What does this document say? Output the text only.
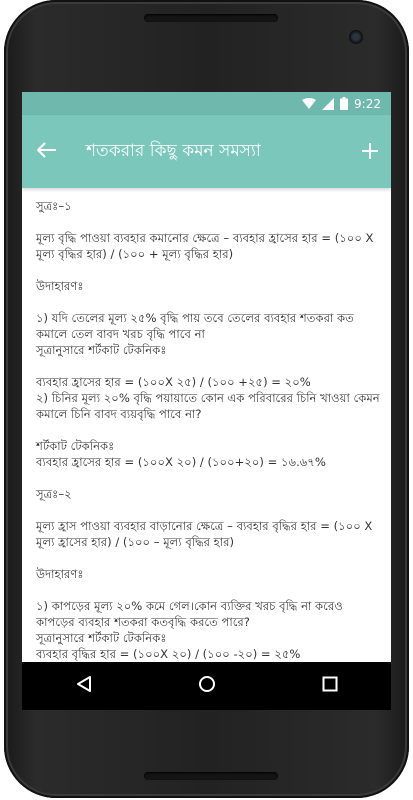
9:22
শতকরার কিছু কমন সমস্যা

সুত্রঃ–১

মূল্য বৃদ্ধি পাওয়া ব্যবহার কমানোর ক্ষেত্রে – ব্যবহার হ্রাসের হার = (১০০ X মূল্য বৃদ্ধির হার) / (১০০ + মূল্য বৃদ্ধির হার)

উদাহারণঃ

১) যদি তেলের মূল্য ২৫% বৃদ্ধি পায় তবে তেলের ব্যবহার শতকরা কত কমালে তেল বাবদ খরচ বৃদ্ধি পাবে না
সূত্রানুসারে শর্টকাট টেকনিকঃ

ব্যবহার হ্রাসের হার = (১০০X ২৫) / (১০০ +২৫) = ২০%
২) চিনির মূল্য ২০% বৃদ্ধি পয়ায়াতে কোন এক পরিবারের চিনি খাওয়া কেমন কমালে চিনি বাবদ ব্যয়বৃদ্ধি পাবে না?

শর্টকাট টেকনিকঃ
ব্যবহার হ্রাসের হার = (১০০X ২০) / (১০০+২০) = ১৬.৬৭%

সূত্রঃ–২

মূল্য হ্রাস পাওয়া ব্যবহার বাড়ানোর ক্ষেত্রে – ব্যবহার বৃদ্ধির হার = (১০০ X মূল্য হ্রাসের হার) / (১০০ – মূল্য বৃদ্ধির হার)

উদাহারণঃ

১) কাপড়ের মূল্য ২০% কমে গেল।কোন ব্যক্তির খরচ বৃদ্ধি না করেও কাপড়ের ব্যবহার শতকরা কতবৃদ্ধি করতে পারে?
সূত্রানুসারে শর্টকাট টেকনিকঃ
ব্যবহার বৃদ্ধির হার = (১০০X ২০) / (১০০ -২০) = ২৫%
